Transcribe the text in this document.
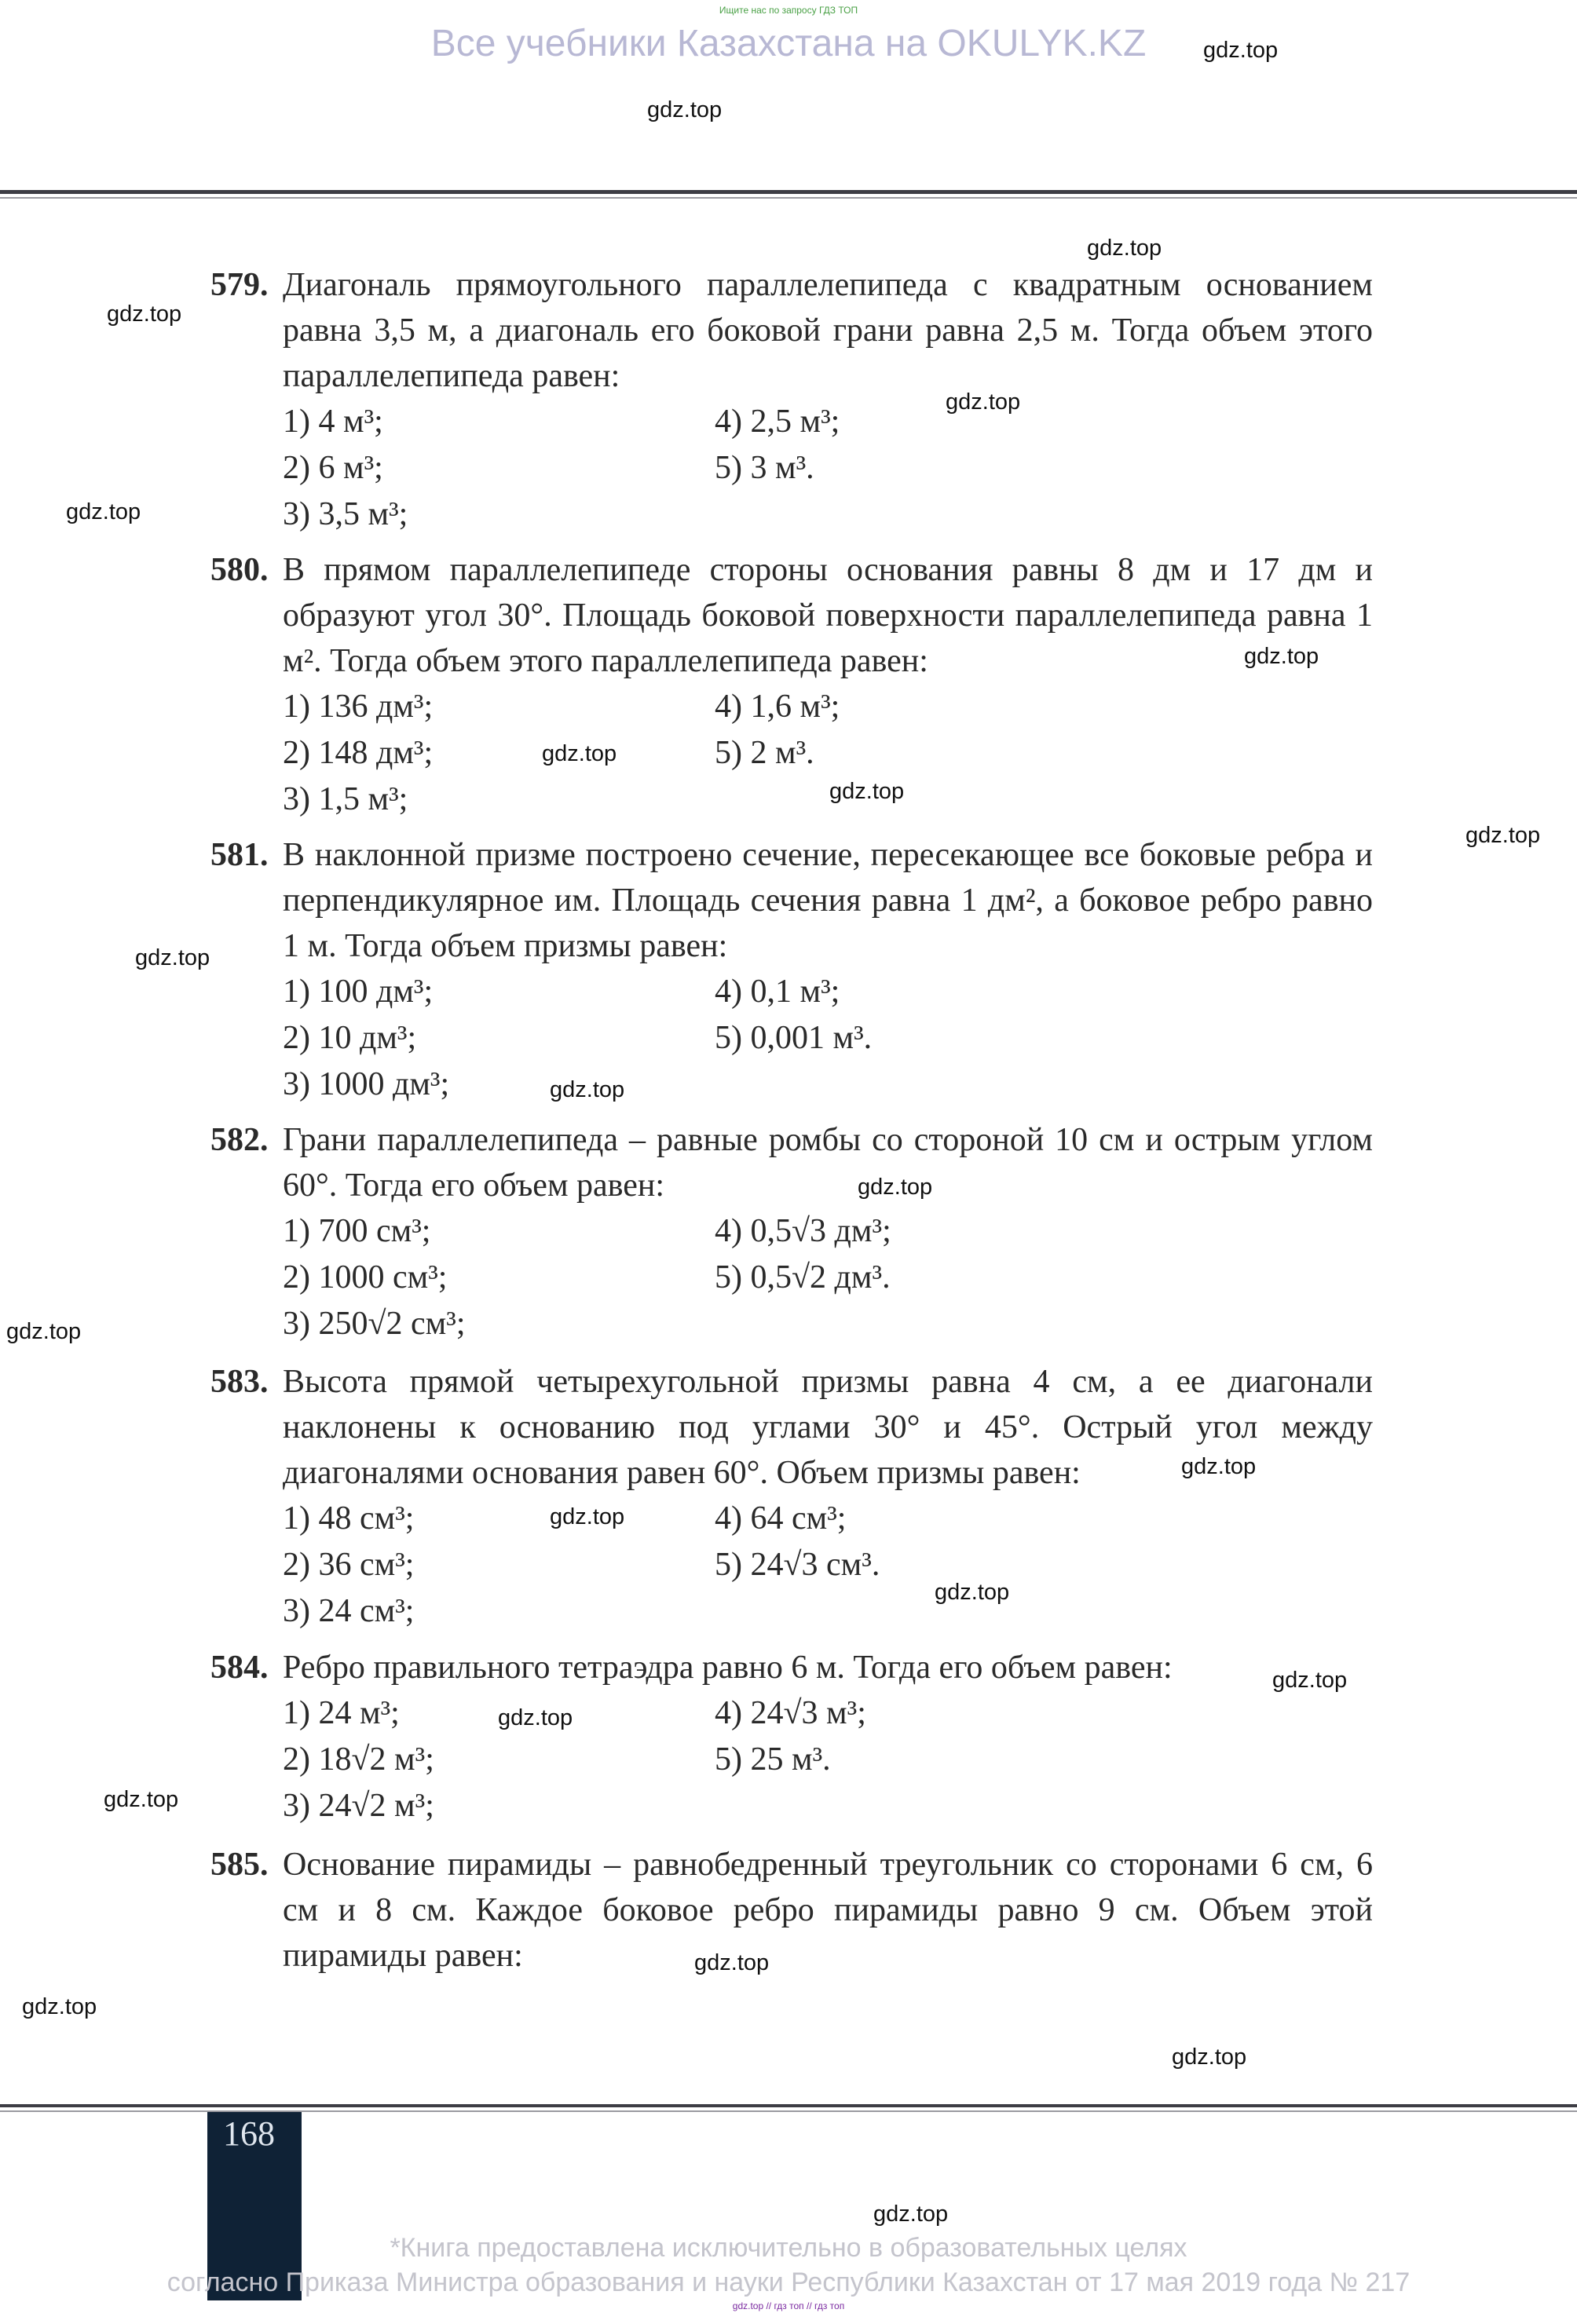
Ищите нас по запросу ГДЗ ТОП
Все учебники Казахстана на OKULYK.KZ
579. Диагональ прямоугольного параллелепипеда с квадратным основанием равна 3,5 м, а диагональ его боковой грани равна 2,5 м. Тогда объем этого параллелепипеда равен:
1) 4 м³;	4) 2,5 м³;
2) 6 м³;	5) 3 м³.
3) 3,5 м³;
580. В прямом параллелепипеде стороны основания равны 8 дм и 17 дм и образуют угол 30°. Площадь боковой поверхности параллелепипеда равна 1 м². Тогда объем этого параллелепипеда равен:
1) 136 дм³;	4) 1,6 м³;
2) 148 дм³;	5) 2 м³.
3) 1,5 м³;
581. В наклонной призме построено сечение, пересекающее все боковые ребра и перпендикулярное им. Площадь сечения равна 1 дм², а боковое ребро равно 1 м. Тогда объем призмы равен:
1) 100 дм³;	4) 0,1 м³;
2) 10 дм³;	5) 0,001 м³.
3) 1000 дм³;
582. Грани параллелепипеда – равные ромбы со стороной 10 см и острым углом 60°. Тогда его объем равен:
1) 700 см³;	4) 0,5√3 дм³;
2) 1000 см³;	5) 0,5√2 дм³.
3) 250√2 см³;
583. Высота прямой четырехугольной призмы равна 4 см, а ее диагонали наклонены к основанию под углами 30° и 45°. Острый угол между диагоналями основания равен 60°. Объем призмы равен:
1) 48 см³;	4) 64 см³;
2) 36 см³;	5) 24√3 см³.
3) 24 см³;
584. Ребро правильного тетраэдра равно 6 м. Тогда его объем равен:
1) 24 м³;	4) 24√3 м³;
2) 18√2 м³;	5) 25 м³.
3) 24√2 м³;
585. Основание пирамиды – равнобедренный треугольник со сторонами 6 см, 6 см и 8 см. Каждое боковое ребро пирамиды равно 9 см. Объем этой пирамиды равен:
gdz.top
gdz.top
gdz.top
gdz.top
gdz.top
gdz.top
gdz.top
gdz.top
gdz.top
gdz.top
gdz.top
gdz.top
gdz.top
gdz.top
gdz.top
gdz.top
gdz.top
gdz.top
gdz.top
gdz.top
gdz.top
gdz.top
gdz.top
gdz.top
168
*Книга предоставлена исключительно в образовательных целях
согласно Приказа Министра образования и науки Республики Казахстан от 17 мая 2019 года № 217
gdz.top // гдз топ // гдз топ
